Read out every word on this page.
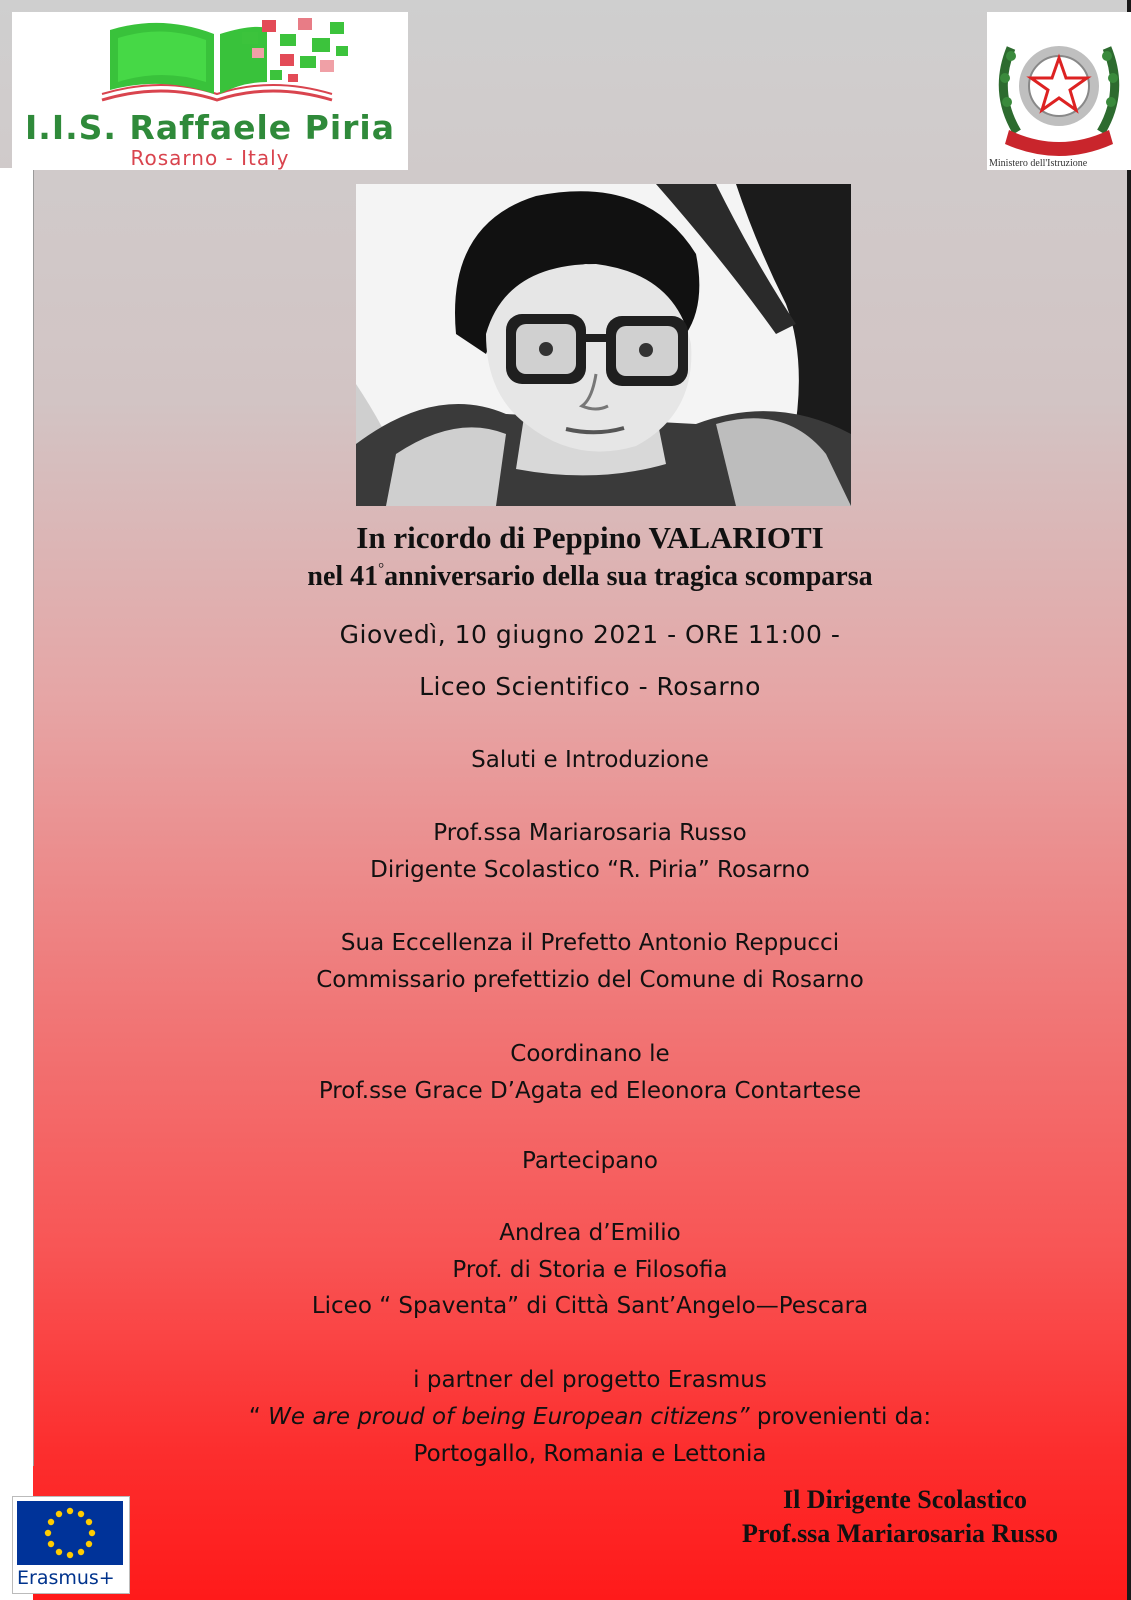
I.I.S. Raffaele Piria
Rosarno - Italy	Ministero dell'Istruzione
In ricordo di Peppino VALARIOTI
nel 41°anniversario della sua tragica scomparsa
Giovedì, 10 giugno 2021 - ORE 11:00 -
Liceo Scientifico - Rosarno
Saluti e Introduzione
Prof.ssa Mariarosaria Russo
Dirigente Scolastico “R. Piria” Rosarno
Sua Eccellenza il Prefetto Antonio Reppucci
Commissario prefettizio del Comune di Rosarno
Coordinano le
Prof.sse Grace D’Agata ed Eleonora Contartese
Partecipano
Andrea d’Emilio
Prof. di Storia e Filosofia
Liceo “ Spaventa” di Città Sant’Angelo—Pescara
i partner del progetto Erasmus
“ We are proud of being European citizens” provenienti da:
Portogallo, Romania e Lettonia
Erasmus+
Il Dirigente Scolastico
Prof.ssa Mariarosaria Russo
